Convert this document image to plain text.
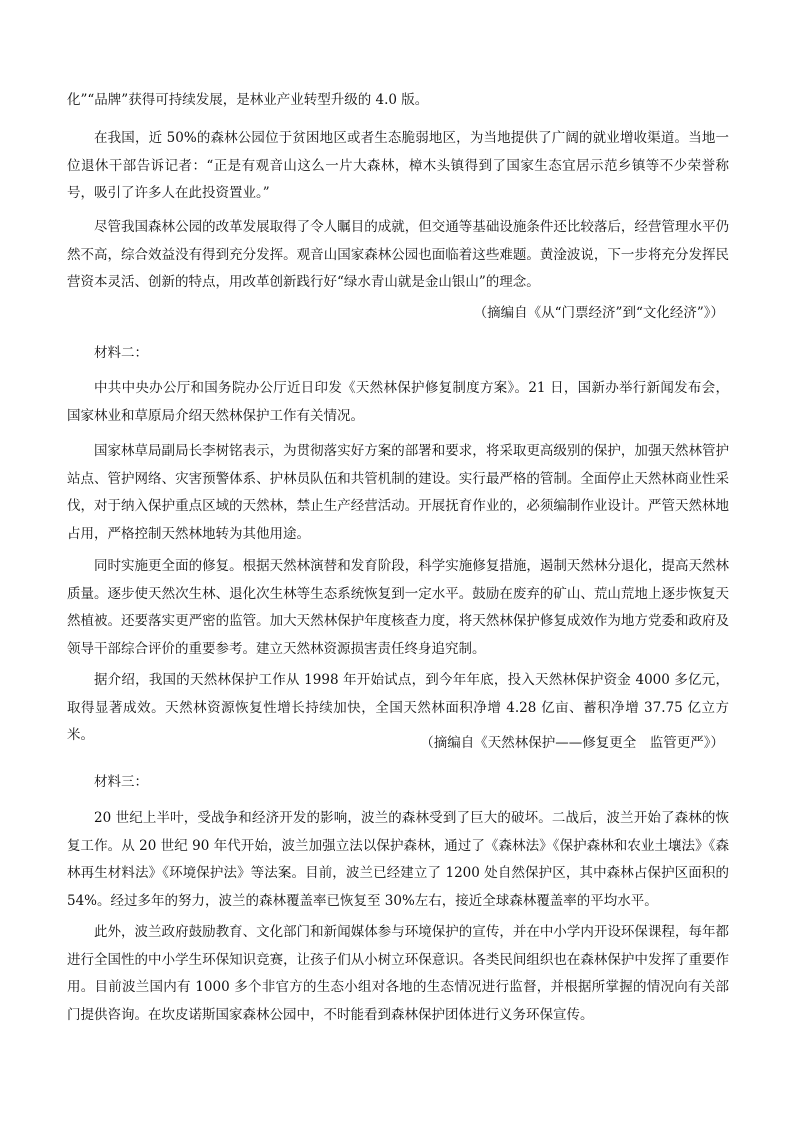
化”“品牌”获得可持续发展，是林业产业转型升级的 4.0 版。

在我国，近 50%的森林公园位于贫困地区或者生态脆弱地区，为当地提供了广阔的就业增收渠道。当地一位退休干部告诉记者：“正是有观音山这么一片大森林，樟木头镇得到了国家生态宜居示范乡镇等不少荣誉称号，吸引了许多人在此投资置业。”

尽管我国森林公园的改革发展取得了令人瞩目的成就，但交通等基础设施条件还比较落后，经营管理水平仍然不高，综合效益没有得到充分发挥。观音山国家森林公园也面临着这些难题。黄淦波说，下一步将充分发挥民营资本灵活、创新的特点，用改革创新践行好“绿水青山就是金山银山”的理念。

（摘编自《从“门票经济”到“文化经济”》）

材料二：

中共中央办公厅和国务院办公厅近日印发《天然林保护修复制度方案》。21 日，国新办举行新闻发布会，国家林业和草原局介绍天然林保护工作有关情况。

国家林草局副局长李树铭表示，为贯彻落实好方案的部署和要求，将采取更高级别的保护，加强天然林管护站点、管护网络、灾害预警体系、护林员队伍和共管机制的建设。实行最严格的管制。全面停止天然林商业性采伐，对于纳入保护重点区域的天然林，禁止生产经营活动。开展抚育作业的，必须编制作业设计。严管天然林地占用，严格控制天然林地转为其他用途。

同时实施更全面的修复。根据天然林演替和发育阶段，科学实施修复措施，遏制天然林分退化，提高天然林质量。逐步使天然次生林、退化次生林等生态系统恢复到一定水平。鼓励在废弃的矿山、荒山荒地上逐步恢复天然植被。还要落实更严密的监管。加大天然林保护年度核查力度，将天然林保护修复成效作为地方党委和政府及领导干部综合评价的重要参考。建立天然林资源损害责任终身追究制。

据介绍，我国的天然林保护工作从 1998 年开始试点，到今年年底，投入天然林保护资金 4000 多亿元，取得显著成效。天然林资源恢复性增长持续加快，全国天然林面积净增 4.28 亿亩、蓄积净增 37.75 亿立方米。	（摘编自《天然林保护——修复更全　监管更严》）

材料三：

20 世纪上半叶，受战争和经济开发的影响，波兰的森林受到了巨大的破坏。二战后，波兰开始了森林的恢复工作。从 20 世纪 90 年代开始，波兰加强立法以保护森林，通过了《森林法》《保护森林和农业土壤法》《森林再生材料法》《环境保护法》等法案。目前，波兰已经建立了 1200 处自然保护区，其中森林占保护区面积的 54%。经过多年的努力，波兰的森林覆盖率已恢复至 30%左右，接近全球森林覆盖率的平均水平。

此外，波兰政府鼓励教育、文化部门和新闻媒体参与环境保护的宣传，并在中小学内开设环保课程，每年都进行全国性的中小学生环保知识竞赛，让孩子们从小树立环保意识。各类民间组织也在森林保护中发挥了重要作用。目前波兰国内有 1000 多个非官方的生态小组对各地的生态情况进行监督，并根据所掌握的情况向有关部门提供咨询。在坎皮诺斯国家森林公园中，不时能看到森林保护团体进行义务环保宣传。
